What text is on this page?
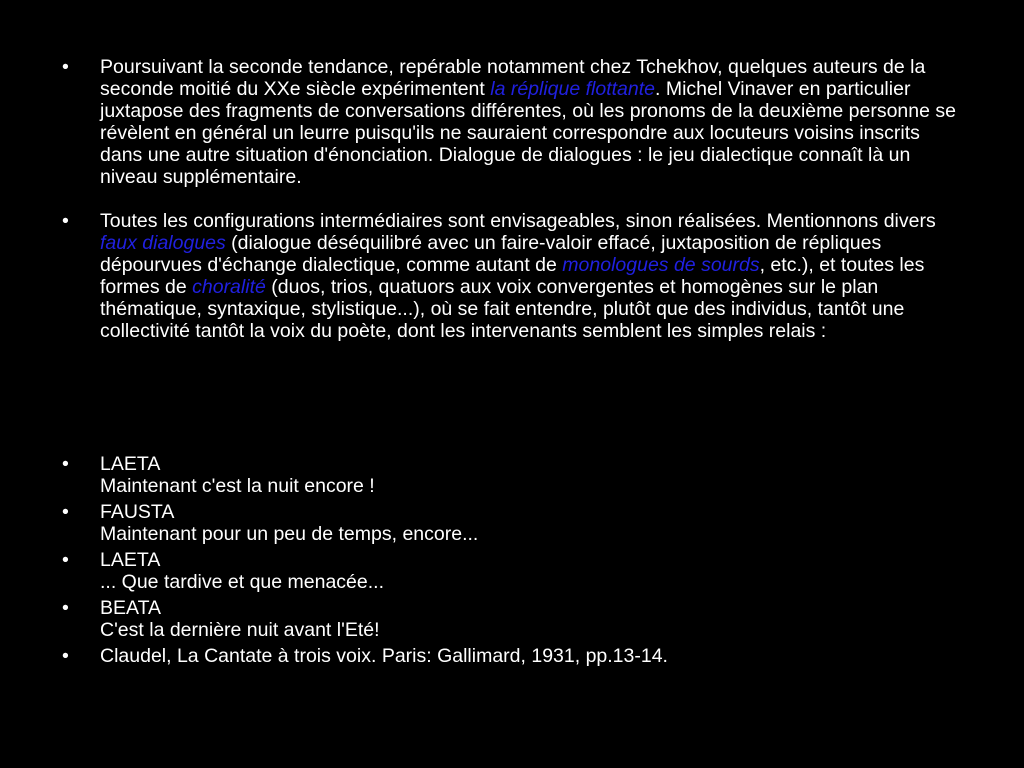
• Poursuivant la seconde tendance, repérable notamment chez Tchekhov, quelques auteurs de la seconde moitié du XXe siècle expérimentent la réplique flottante. Michel Vinaver en particulier juxtapose des fragments de conversations différentes, où les pronoms de la deuxième personne se révèlent en général un leurre puisqu'ils ne sauraient correspondre aux locuteurs voisins inscrits dans une autre situation d'énonciation. Dialogue de dialogues : le jeu dialectique connaît là un niveau supplémentaire.
• Toutes les configurations intermédiaires sont envisageables, sinon réalisées. Mentionnons divers faux dialogues (dialogue déséquilibré avec un faire-valoir effacé, juxtaposition de répliques dépourvues d'échange dialectique, comme autant de monologues de sourds, etc.), et toutes les formes de choralité (duos, trios, quatuors aux voix convergentes et homogènes sur le plan thématique, syntaxique, stylistique...), où se fait entendre, plutôt que des individus, tantôt une collectivité tantôt la voix du poète, dont les intervenants semblent les simples relais :
• LAETA
Maintenant c'est la nuit encore !
• FAUSTA
Maintenant pour un peu de temps, encore...
• LAETA
... Que tardive et que menacée...
• BEATA
C'est la dernière nuit avant l'Eté!
• Claudel, La Cantate à trois voix. Paris: Gallimard, 1931, pp.13-14.
